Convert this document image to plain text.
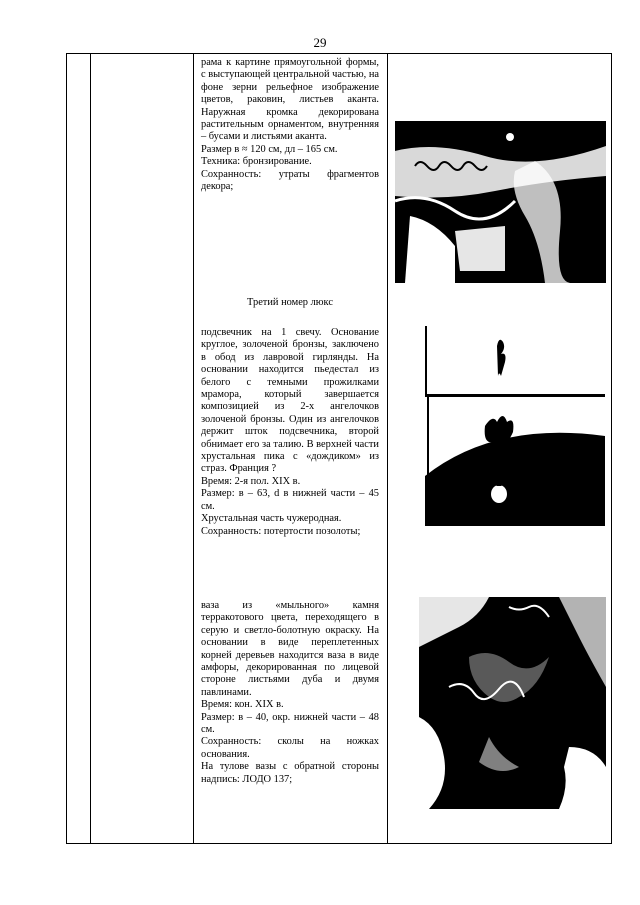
29

рама к картине прямоугольной формы, с выступающей центральной частью, на фоне зерни рельефное изображение цветов, раковин, листьев аканта. Наружная кромка декорирована растительным орнаментом, внутренняя – бусами и листьями аканта.

Размер в ≈ 120 см, дл – 165 см.

Техника: бронзирование.

Сохранность: утраты фрагментов декора;

Третий номер люкс

подсвечник на 1 свечу. Основание круглое, золоченой бронзы, заключено в обод из лавровой гирлянды. На основании находится пьедестал из белого с темными прожилками мрамора, который завершается композицией из 2-х ангелочков золоченой бронзы. Один из ангелочков держит шток подсвечника, второй обнимает его за талию. В верхней части хрустальная пика с «дождиком» из страз. Франция ?

Время: 2-я пол. XIX в.

Размер: в – 63, d в нижней части – 45 см.

Хрустальная часть чужеродная.

Сохранность: потертости позолоты;

ваза из «мыльного» камня терракотового цвета, переходящего в серую и светло-болотную окраску. На основании в виде переплетенных корней деревьев находится ваза в виде амфоры, декорированная по лицевой стороне листьями дуба и двумя павлинами.

Время: кон. XIX в.

Размер: в – 40, окр. нижней части – 48 см.

Сохранность: сколы на ножках основания.

На тулове вазы с обратной стороны надпись: ЛОДО 137;
